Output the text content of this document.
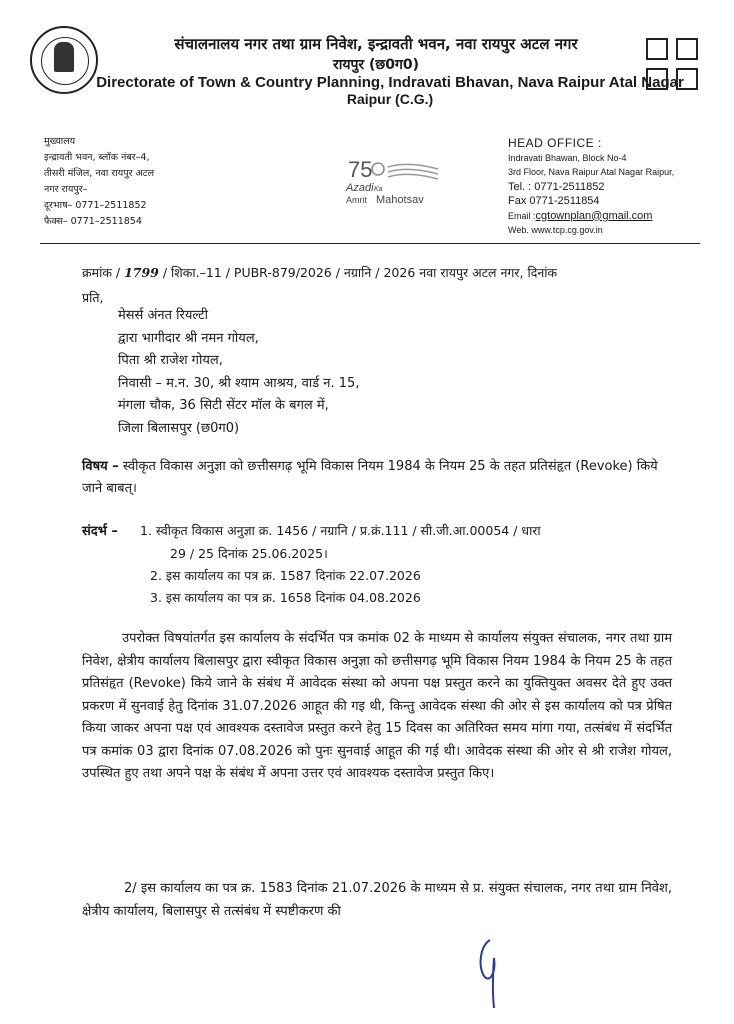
संचालनालय नगर तथा ग्राम निवेश, इन्द्रावती भवन, नवा रायपुर अटल नगर
रायपुर (छ0ग0)
Directorate of Town & Country Planning, Indravati Bhavan, Nava Raipur Atal Nagar
Raipur (C.G.)
मुख्यालय
इन्द्रावती भवन, ब्लॉक नंबर–4,
तीसरी मंजिल, नवा रायपुर अटल
नगर रायपुर–
दूरभाष– 0771–2511852
फैक्स– 0771–2511854
75
Azadi Ka
Amrit Mahotsav
HEAD OFFICE :
Indravati Bhawan, Block No-4
3rd Floor, Nava Raipur Atal Nagar Raipur,
Tel. : 0771-2511852
Fax 0771-2511854
Email :cgtownplan@gmail.com
Web. www.tcp.cg.gov.in
क्रमांक / 1799 / शिका.–11 / PUBR-879/2026 / नग्रानि / 2026 नवा रायपुर अटल नगर, दिनांक
प्रति,
मेसर्स अंनत रियल्टी
द्वारा भागीदार श्री नमन गोयल,
पिता श्री राजेश गोयल,
निवासी – म.न. 30, श्री श्याम आश्रय, वार्ड न. 15,
मंगला चौक, 36 सिटी सेंटर मॉल के बगल में,
जिला बिलासपुर (छ0ग0)
विषय – स्वीकृत विकास अनुज्ञा को छत्तीसगढ़ भूमि विकास नियम 1984 के नियम 25 के तहत प्रतिसंहृत (Revoke) किये जाने बाबत्।
संदर्भ – 1. स्वीकृत विकास अनुज्ञा क्र. 1456 / नग्रानि / प्र.क्रं.111 / सी.जी.आ.00054 / धारा
29 / 25 दिनांक 25.06.2025।
2. इस कार्यालय का पत्र क्र. 1587 दिनांक 22.07.2026
3. इस कार्यालय का पत्र क्र. 1658 दिनांक 04.08.2026
उपरोक्त विषयांतर्गत इस कार्यालय के संदर्भित पत्र कमांक 02 के माध्यम से कार्यालय संयुक्त संचालक, नगर तथा ग्राम निवेश, क्षेत्रीय कार्यालय बिलासपुर द्वारा स्वीकृत विकास अनुज्ञा को छत्तीसगढ़ भूमि विकास नियम 1984 के नियम 25 के तहत प्रतिसंहृत (Revoke) किये जाने के संबंध में आवेदक संस्था को अपना पक्ष प्रस्तुत करने का युक्तियुक्त अवसर देते हुए उक्त प्रकरण में सुनवाई हेतु दिनांक 31.07.2026 आहूत की गइ थी, किन्तु आवेदक संस्था की ओर से इस कार्यालय को पत्र प्रेषित किया जाकर अपना पक्ष एवं आवश्यक दस्तावेज प्रस्तुत करने हेतु 15 दिवस का अतिरिक्त समय मांगा गया, तत्संबंध में संदर्भित पत्र कमांक 03 द्वारा दिनांक 07.08.2026 को पुनः सुनवाई आहूत की गई थी। आवेदक संस्था की ओर से श्री राजेश गोयल, उपस्थित हुए तथा अपने पक्ष के संबंध में अपना उत्तर एवं आवश्यक दस्तावेज प्रस्तुत किए।
2/ इस कार्यालय का पत्र क्र. 1583 दिनांक 21.07.2026 के माध्यम से प्र. संयुक्त संचालक, नगर तथा ग्राम निवेश, क्षेत्रीय कार्यालय, बिलासपुर से तत्संबंध में स्पष्टीकरण की
